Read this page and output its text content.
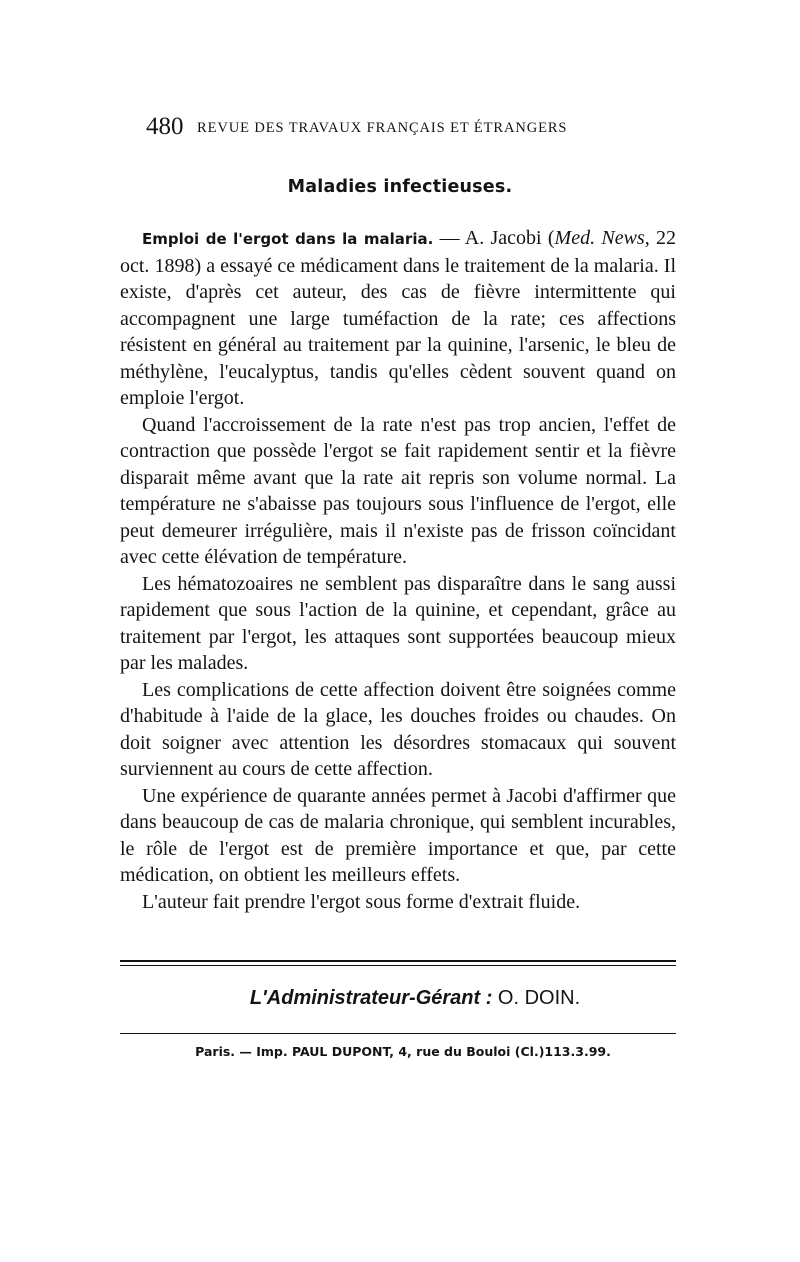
480 REVUE DES TRAVAUX FRANÇAIS ET ÉTRANGERS
Maladies infectieuses.

Emploi de l'ergot dans la malaria. — A. Jacobi (Med. News, 22 oct. 1898) a essayé ce médicament dans le traitement de la malaria. Il existe, d'après cet auteur, des cas de fièvre intermittente qui accompagnent une large tuméfaction de la rate; ces affections résistent en général au traitement par la quinine, l'arsenic, le bleu de méthylène, l'eucalyptus, tandis qu'elles cèdent souvent quand on emploie l'ergot.

Quand l'accroissement de la rate n'est pas trop ancien, l'effet de contraction que possède l'ergot se fait rapidement sentir et la fièvre disparait même avant que la rate ait repris son volume normal. La température ne s'abaisse pas toujours sous l'influence de l'ergot, elle peut demeurer irrégulière, mais il n'existe pas de frisson coïncidant avec cette élévation de température.

Les hématozoaires ne semblent pas disparaître dans le sang aussi rapidement que sous l'action de la quinine, et cependant, grâce au traitement par l'ergot, les attaques sont supportées beaucoup mieux par les malades.

Les complications de cette affection doivent être soignées comme d'habitude à l'aide de la glace, les douches froides ou chaudes. On doit soigner avec attention les désordres stomacaux qui souvent surviennent au cours de cette affection.

Une expérience de quarante années permet à Jacobi d'affirmer que dans beaucoup de cas de malaria chronique, qui semblent incurables, le rôle de l'ergot est de première importance et que, par cette médication, on obtient les meilleurs effets.

L'auteur fait prendre l'ergot sous forme d'extrait fluide.

L'Administrateur-Gérant : O. DOIN.
Paris. — Imp. PAUL DUPONT, 4, rue du Bouloi (Cl.)113.3.99.
